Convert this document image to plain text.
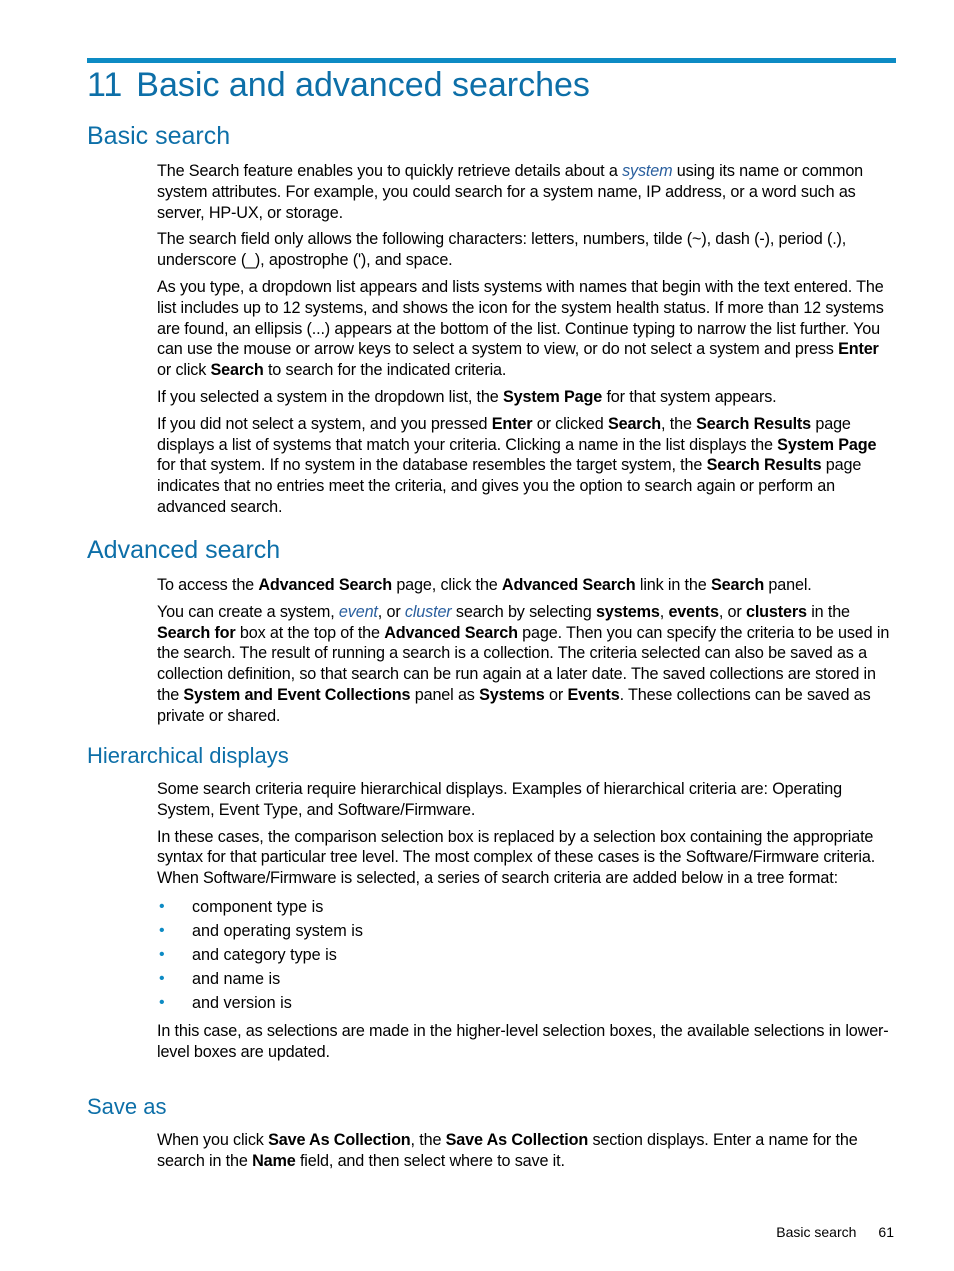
11 Basic and advanced searches
Basic search

The Search feature enables you to quickly retrieve details about a system using its name or common system attributes. For example, you could search for a system name, IP address, or a word such as server, HP-UX, or storage.

The search field only allows the following characters: letters, numbers, tilde (~), dash (-), period (.), underscore (_), apostrophe ('), and space.

As you type, a dropdown list appears and lists systems with names that begin with the text entered. The list includes up to 12 systems, and shows the icon for the system health status. If more than 12 systems are found, an ellipsis (...) appears at the bottom of the list. Continue typing to narrow the list further. You can use the mouse or arrow keys to select a system to view, or do not select a system and press Enter or click Search to search for the indicated criteria.

If you selected a system in the dropdown list, the System Page for that system appears.

If you did not select a system, and you pressed Enter or clicked Search, the Search Results page displays a list of systems that match your criteria. Clicking a name in the list displays the System Page for that system. If no system in the database resembles the target system, the Search Results page indicates that no entries meet the criteria, and gives you the option to search again or perform an advanced search.

Advanced search

To access the Advanced Search page, click the Advanced Search link in the Search panel.

You can create a system, event, or cluster search by selecting systems, events, or clusters in the Search for box at the top of the Advanced Search page. Then you can specify the criteria to be used in the search. The result of running a search is a collection. The criteria selected can also be saved as a collection definition, so that search can be run again at a later date. The saved collections are stored in the System and Event Collections panel as Systems or Events. These collections can be saved as private or shared.

Hierarchical displays

Some search criteria require hierarchical displays. Examples of hierarchical criteria are: Operating System, Event Type, and Software/Firmware.

In these cases, the comparison selection box is replaced by a selection box containing the appropriate syntax for that particular tree level. The most complex of these cases is the Software/Firmware criteria. When Software/Firmware is selected, a series of search criteria are added below in a tree format:

• component type is
• and operating system is
• and category type is
• and name is
• and version is

In this case, as selections are made in the higher-level selection boxes, the available selections in lower-level boxes are updated.

Save as

When you click Save As Collection, the Save As Collection section displays. Enter a name for the search in the Name field, and then select where to save it.

Basic search 61
